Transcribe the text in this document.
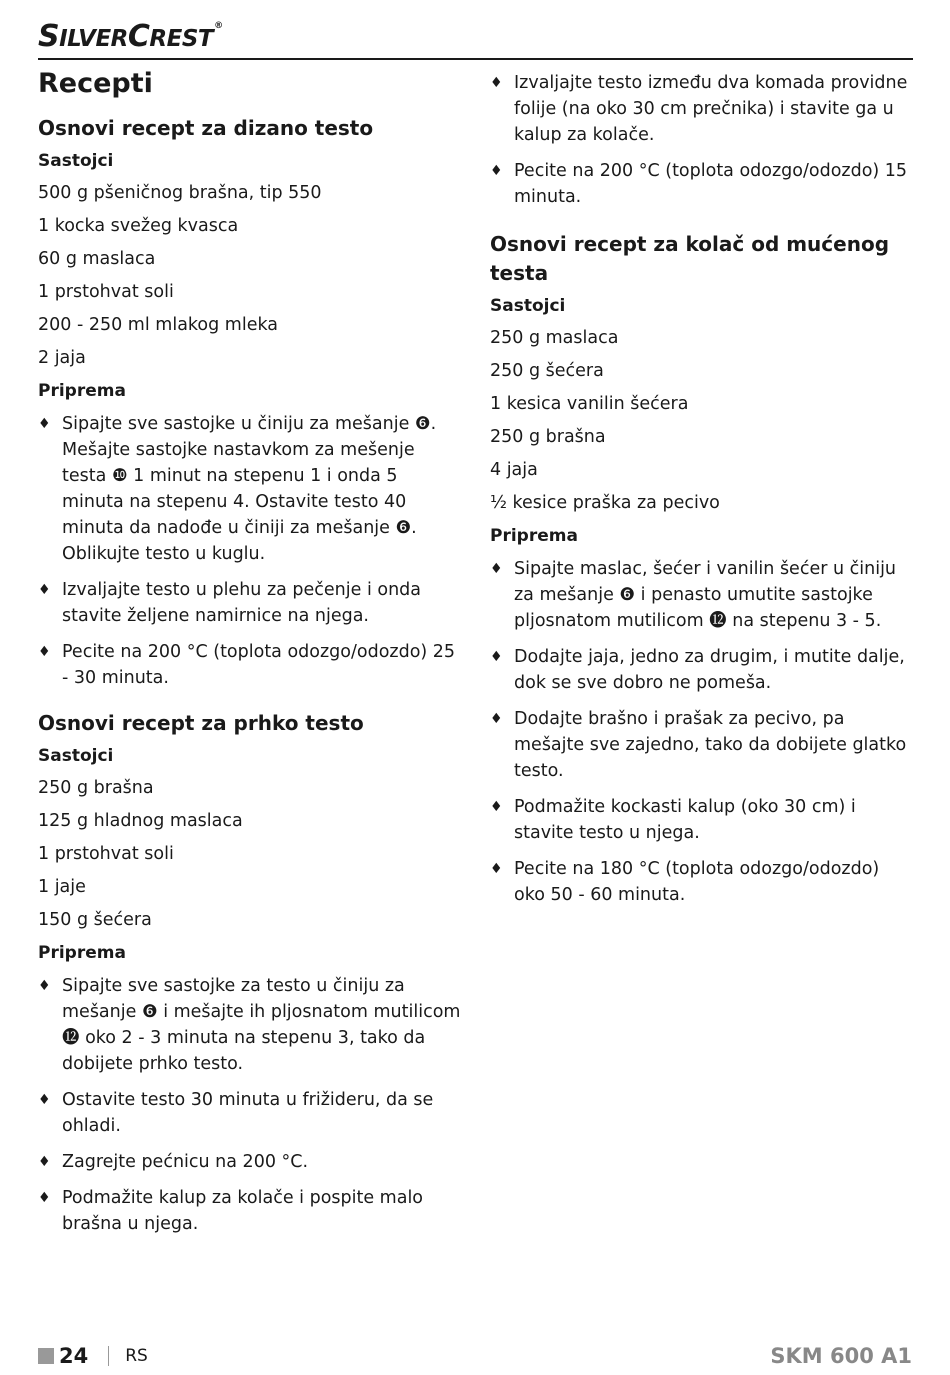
SILVERCREST®
Recepti
Osnovi recept za dizano testo
Sastojci
500 g pšeničnog brašna, tip 550
1 kocka svežeg kvasca
60 g maslaca
1 prstohvat soli
200 - 250 ml mlakog mleka
2 jaja
Priprema
♦ Sipajte sve sastojke u činiju za mešanje ❻. Mešajte sastojke nastavkom za mešenje testa ❿ 1 minut na stepenu 1 i onda 5 minuta na stepenu 4. Ostavite testo 40 minuta da nadođe u činiji za mešanje ❻. Oblikujte testo u kuglu.
♦ Izvaljajte testo u plehu za pečenje i onda stavite željene namirnice na njega.
♦ Pecite na 200 °C (toplota odozgo/odozdo) 25 - 30 minuta.
Osnovi recept za prhko testo
Sastojci
250 g brašna
125 g hladnog maslaca
1 prstohvat soli
1 jaje
150 g šećera
Priprema
♦ Sipajte sve sastojke za testo u činiju za mešanje ❻ i mešajte ih pljosnatom mutilicom ⓬ oko 2 - 3 minuta na stepenu 3, tako da dobijete prhko testo.
♦ Ostavite testo 30 minuta u frižideru, da se ohladi.
♦ Zagrejte pećnicu na 200 °C.
♦ Podmažite kalup za kolače i pospite malo brašna u njega.
♦ Izvaljajte testo između dva komada providne folije (na oko 30 cm prečnika) i stavite ga u kalup za kolače.
♦ Pecite na 200 °C (toplota odozgo/odozdo) 15 minuta.
Osnovi recept za kolač od mućenog testa
Sastojci
250 g maslaca
250 g šećera
1 kesica vanilin šećera
250 g brašna
4 jaja
½ kesice praška za pecivo
Priprema
♦ Sipajte maslac, šećer i vanilin šećer u činiju za mešanje ❻ i penasto umutite sastojke pljosnatom mutilicom ⓬ na stepenu 3 - 5.
♦ Dodajte jaja, jedno za drugim, i mutite dalje, dok se sve dobro ne pomeša.
♦ Dodajte brašno i prašak za pecivo, pa mešajte sve zajedno, tako da dobijete glatko testo.
♦ Podmažite kockasti kalup (oko 30 cm) i stavite testo u njega.
♦ Pecite na 180 °C (toplota odozgo/odozdo) oko 50 - 60 minuta.
24 RS	SKM 600 A1
